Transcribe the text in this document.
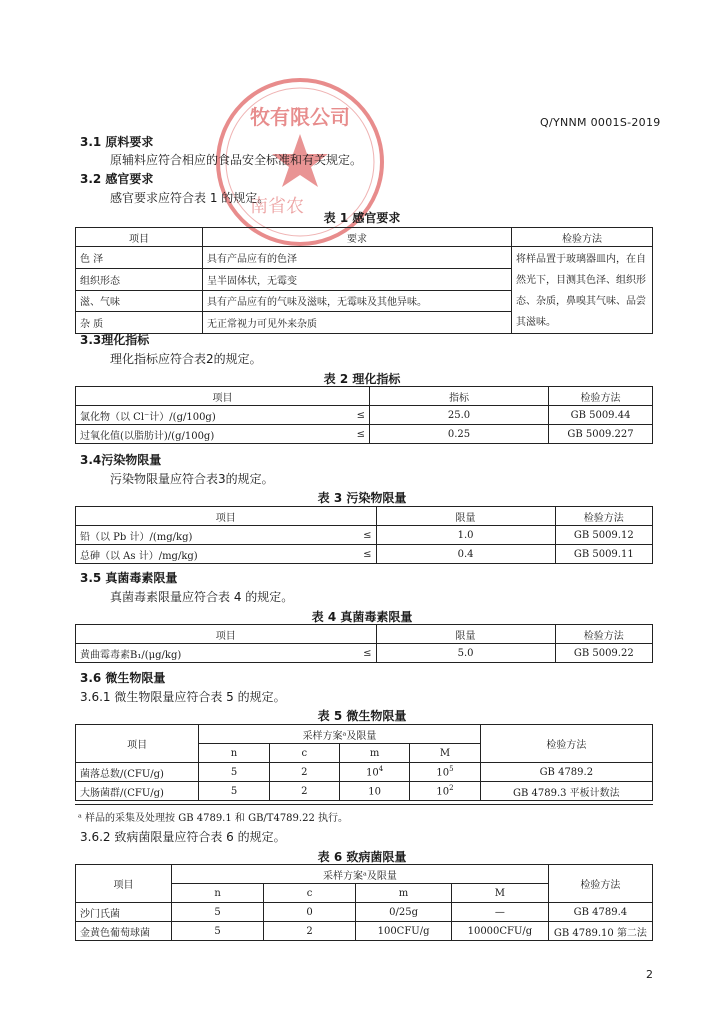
Q/YNNM 0001S-2019
牧有限公司
南省农
3.1 原料要求
原辅料应符合相应的食品安全标准和有关规定。
3.2 感官要求
感官要求应符合表 1 的规定。
表 1 感官要求
项目	要求	检验方法
色 泽	具有产品应有的色泽	将样品置于玻璃器皿内，在自然光下，目测其色泽、组织形态、杂质，鼻嗅其气味、品尝其滋味。
组织形态	呈半固体状，无霉变	
滋、气味	具有产品应有的气味及滋味，无霉味及其他异味。	
杂 质	无正常视力可见外来杂质	
3.3理化指标
理化指标应符合表2的规定。
表 2 理化指标
项目		指标	检验方法
氯化物（以 Cl⁻计）/(g/100g)	≤	25.0	GB 5009.44
过氧化值(以脂肪计)/(g/100g)	≤	0.25	GB 5009.227
3.4污染物限量
污染物限量应符合表3的规定。
表 3 污染物限量
项目		限量	检验方法
铅（以 Pb 计）/(mg/kg)	≤	1.0	GB 5009.12
总砷（以 As 计）/mg/kg)	≤	0.4	GB 5009.11
3.5 真菌毒素限量
真菌毒素限量应符合表 4 的规定。
表 4 真菌毒素限量
项目		限量	检验方法
黄曲霉毒素B₁/(μg/kg)	≤	5.0	GB 5009.22
3.6 微生物限量
3.6.1 微生物限量应符合表 5 的规定。
表 5 微生物限量
项目	采样方案ᵃ及限量				检验方法
	n	c	m	M	
菌落总数/(CFU/g)	5	2	$10^4$	$10^5$	GB 4789.2
大肠菌群/(CFU/g)	5	2	10	$10^2$	GB 4789.3 平板计数法
ᵃ 样品的采集及处理按 GB 4789.1 和 GB/T4789.22 执行。
3.6.2 致病菌限量应符合表 6 的规定。
表 6 致病菌限量
项目	采样方案ᵃ及限量				检验方法
	n	c	m	M	
沙门氏菌	5	0	0/25g	—	GB 4789.4
金黄色葡萄球菌	5	2	100CFU/g	10000CFU/g	GB 4789.10 第二法
2
